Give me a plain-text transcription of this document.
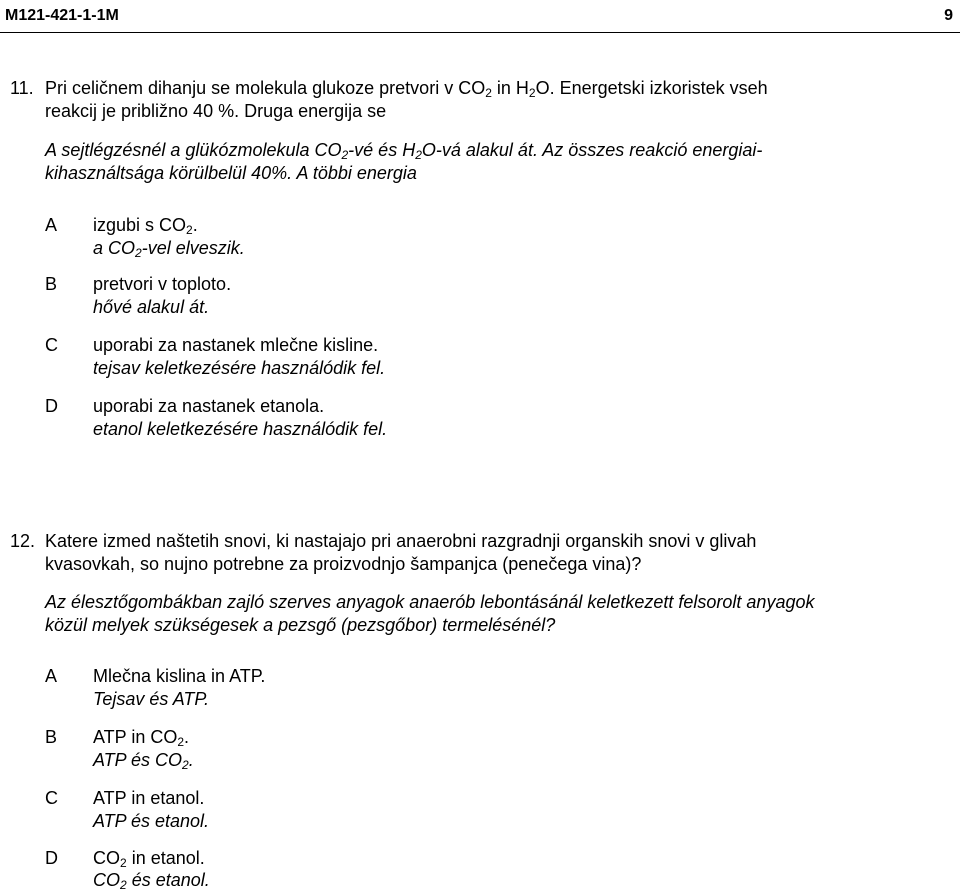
M121-421-1-1M	9
11. Pri celičnem dihanju se molekula glukoze pretvori v CO2 in H2O. Energetski izkoristek vseh
reakcij je približno 40 %. Druga energija se
A sejtlégzésnél a glükózmolekula CO2-vé és H2O-vá alakul át. Az összes reakció energiai-
kihasználtsága körülbelül 40%. A többi energia
A izgubi s CO2.
a CO2-vel elveszik.
B pretvori v toploto.
hővé alakul át.
C uporabi za nastanek mlečne kisline.
tejsav keletkezésére használódik fel.
D uporabi za nastanek etanola.
etanol keletkezésére használódik fel.
12. Katere izmed naštetih snovi, ki nastajajo pri anaerobni razgradnji organskih snovi v glivah
kvasovkah, so nujno potrebne za proizvodnjo šampanjca (penečega vina)?
Az élesztőgombákban zajló szerves anyagok anaerób lebontásánál keletkezett felsorolt anyagok
közül melyek szükségesek a pezsgő (pezsgőbor) termelésénél?
A Mlečna kislina in ATP.
Tejsav és ATP.
B ATP in CO2.
ATP és CO2.
C ATP in etanol.
ATP és etanol.
D CO2 in etanol.
CO2 és etanol.
